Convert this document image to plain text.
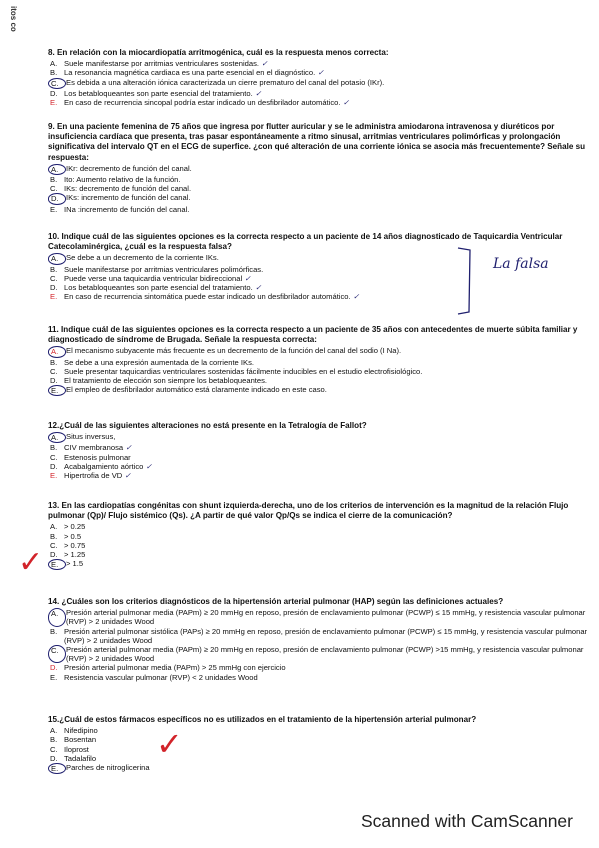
itos co

8. En relación con la miocardiopatía arritmogénica, cuál es la respuesta menos correcta:

A. Suele manifestarse por arritmias ventriculares sostenidas. ✓
B. La resonancia magnética cardiaca es una parte esencial en el diagnóstico. ✓
C. Es debida a una alteración iónica caracterizada un cierre prematuro del canal del potasio (IKr).
D. Los betabloqueantes son parte esencial del tratamiento. ✓
E. En caso de recurrencia sincopal podría estar indicado un desfibrilador automático. ✓

9. En una paciente femenina de 75 años que ingresa por flutter auricular y se le administra amiodarona intravenosa y diuréticos por insuficiencia cardíaca que presenta, tras pasar espontáneamente a ritmo sinusal, arritmias ventriculares polimórficas y prolongación significativa del intervalo QT en el ECG de superfice. ¿con qué alteración de una corriente iónica se asocia más frecuentemente? Señale su respuesta:

A.	IKr: decremento de función del canal.
B. Ito: Aumento relativo de la función.
C. IKs: decremento de función del canal.
D. IKs: incremento de función del canal.
E. INa :incremento de función del canal.

10. Indique cuál de las siguientes opciones es la correcta respecto a un paciente de 14 años diagnosticado de Taquicardia Ventricular Catecolaminérgica, ¿cuál es la respuesta falsa?

A.	Se debe a un decremento de la corriente IKs.
B. Suele manifestarse por arritmias ventriculares polimórficas.
C. Puede verse una taquicardia ventricular bidireccional ✓
D. Los betabloqueantes son parte esencial del tratamiento. ✓
E. En caso de recurrencia sintomática puede estar indicado un desfibrilador automático. ✓
La falsa

11. Indique cuál de las siguientes opciones es la correcta respecto a un paciente de 35 años con antecedentes de muerte súbita familiar y diagnosticado de síndrome de Brugada. Señale la respuesta correcta:

A.	El mecanismo subyacente más frecuente es un decremento de la función del canal del sodio (I Na).
B. Se debe a una expresión aumentada de la corriente IKs.
C. Suele presentar taquicardias ventriculares sostenidas fácilmente inducibles en el estudio electrofisiológico.
D. El tratamiento de elección son siempre los betabloqueantes.
E.	El empleo de desfibrilador automático está claramente indicado en este caso.

12.¿Cuál de las siguientes alteraciones no está presente en la Tetralogía de Fallot?

A.	Situs inversus,
B. CIV membranosa ✓
C. Estenosis pulmonar
D. Acabalgamiento aórtico ✓
E. Hipertrofia de VD ✓

13. En las cardiopatías congénitas con shunt izquierda-derecha, uno de los criterios de intervención es la magnitud de la relación Flujo pulmonar (Qp)/ Flujo sistémico (Qs). ¿A partir de qué valor Qp/Qs se indica el cierre de la comunicación?

A. > 0.25
B. > 0.5
C. > 0.75
D. > 1.25
E.	> 1.5
✓

14. ¿Cuáles son los criterios diagnósticos de la hipertensión arterial pulmonar (HAP) según las definiciones actuales?

A.	Presión arterial pulmonar media (PAPm) ≥ 20 mmHg en reposo, presión de enclavamiento pulmonar (PCWP) ≤ 15 mmHg, y resistencia vascular pulmonar (RVP) > 2 unidades Wood
B. Presión arterial pulmonar sistólica (PAPs) ≥ 20 mmHg en reposo, presión de enclavamiento pulmonar (PCWP) ≤ 15 mmHg, y resistencia vascular pulmonar (RVP) > 2 unidades Wood
C. Presión arterial pulmonar media (PAPm) ≥ 20 mmHg en reposo, presión de enclavamiento pulmonar (PCWP) >15 mmHg, y resistencia vascular pulmonar (RVP) > 2 unidades Wood
D. Presión arterial pulmonar media (PAPm) > 25 mmHg con ejercicio
E. Resistencia vascular pulmonar (RVP) < 2 unidades Wood

15.¿Cuál de estos fármacos específicos no es utilizados en el tratamiento de la hipertensión arterial pulmonar?

A. Nifedipino
B. Bosentan
C. Iloprost
D. Tadalafilo
E.	Parches de nitroglicerina
✓
Scanned with CamScanner
